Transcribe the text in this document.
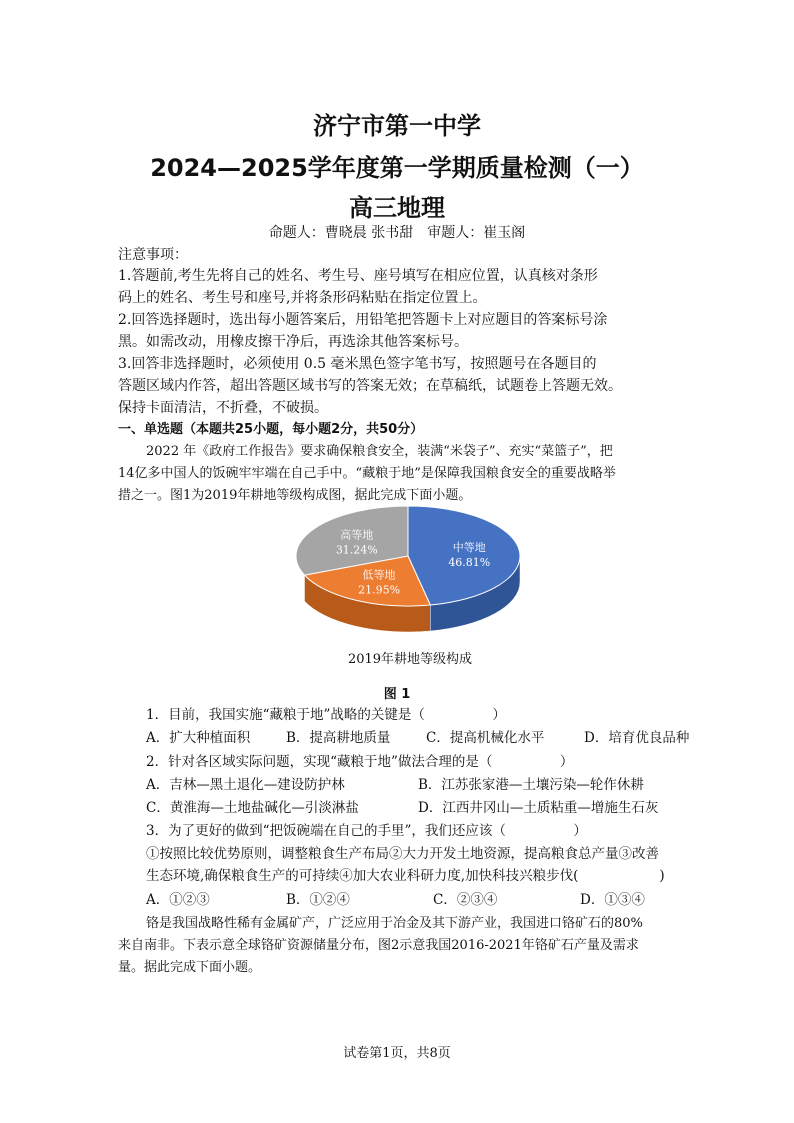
济宁市第一中学
2024—2025学年度第一学期质量检测（一）
高三地理
命题人：曹晓晨 张书甜　审题人：崔玉阁
注意事项：
1.答题前,考生先将自己的姓名、考生号、座号填写在相应位置，认真核对条形
码上的姓名、考生号和座号,并将条形码粘贴在指定位置上。
2.回答选择题时，选出每小题答案后，用铅笔把答题卡上对应题目的答案标号涂
黑。如需改动，用橡皮擦干净后，再选涂其他答案标号。
3.回答非选择题时，必须使用 0.5 毫米黑色签字笔书写，按照题号在各题目的
答题区域内作答，超出答题区域书写的答案无效；在草稿纸，试题卷上答题无效。
保持卡面清洁，不折叠，不破损。
一、单选题（本题共25小题，每小题2分，共50分）
2022 年《政府工作报告》要求确保粮食安全，装满“米袋子”、充实“菜篮子”，把
14亿多中国人的饭碗牢牢端在自己手中。“藏粮于地”是保障我国粮食安全的重要战略举
措之一。图1为2019年耕地等级构成图，据此完成下面小题。
中等地
46.81%
低等地
21.95%
高等地
31.24%
2019年耕地等级构成
图 1
1．目前，我国实施“藏粮于地”战略的关键是（　　　　　）
A．扩大种植面积	B．提高耕地质量	C．提高机械化水平	D．培育优良品种
2．针对各区域实际问题，实现“藏粮于地”做法合理的是（　　　　　）
A．吉林—黑土退化—建设防护林	B．江苏张家港—土壤污染—轮作休耕
C．黄淮海—土地盐碱化—引淡淋盐	D．江西井冈山—土质粘重—增施生石灰
3．为了更好的做到“把饭碗端在自己的手里”，我们还应该（　　　　　）
①按照比较优势原则，调整粮食生产布局②大力开发土地资源，提高粮食总产量③改善
生态环境,确保粮食生产的可持续④加大农业科研力度,加快科技兴粮步伐(　　　　　　)
A．①②③	B．①②④	C．②③④	D．①③④
铬是我国战略性稀有金属矿产，广泛应用于冶金及其下游产业，我国进口铬矿石的80%
来自南非。下表示意全球铬矿资源储量分布，图2示意我国2016-2021年铬矿石产量及需求
量。据此完成下面小题。
试卷第1页，共8页
